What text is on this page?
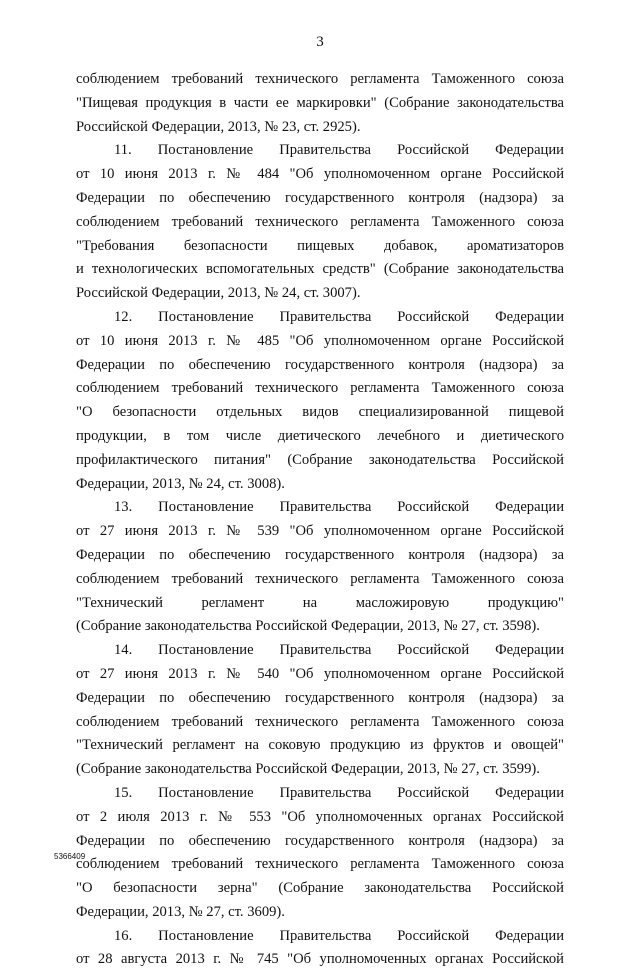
3
соблюдением требований технического регламента Таможенного союза
"Пищевая продукция в части ее маркировки" (Собрание законодательства
Российской Федерации, 2013, № 23, ст. 2925).
11. Постановление Правительства Российской Федерации
от 10 июня 2013 г. № 484 "Об уполномоченном органе Российской
Федерации по обеспечению государственного контроля (надзора) за
соблюдением требований технического регламента Таможенного союза
"Требования безопасности пищевых добавок, ароматизаторов
и технологических вспомогательных средств" (Собрание законодательства
Российской Федерации, 2013, № 24, ст. 3007).
12. Постановление Правительства Российской Федерации
от 10 июня 2013 г. № 485 "Об уполномоченном органе Российской
Федерации по обеспечению государственного контроля (надзора) за
соблюдением требований технического регламента Таможенного союза
"О безопасности отдельных видов специализированной пищевой
продукции, в том числе диетического лечебного и диетического
профилактического питания" (Собрание законодательства Российской
Федерации, 2013, № 24, ст. 3008).
13. Постановление Правительства Российской Федерации
от 27 июня 2013 г. № 539 "Об уполномоченном органе Российской
Федерации по обеспечению государственного контроля (надзора) за
соблюдением требований технического регламента Таможенного союза
"Технический регламент на масложировую продукцию"
(Собрание законодательства Российской Федерации, 2013, № 27, ст. 3598).
14. Постановление Правительства Российской Федерации
от 27 июня 2013 г. № 540 "Об уполномоченном органе Российской
Федерации по обеспечению государственного контроля (надзора) за
соблюдением требований технического регламента Таможенного союза
"Технический регламент на соковую продукцию из фруктов и овощей"
(Собрание законодательства Российской Федерации, 2013, № 27, ст. 3599).
15. Постановление Правительства Российской Федерации
от 2 июля 2013 г. № 553 "Об уполномоченных органах Российской
Федерации по обеспечению государственного контроля (надзора) за
соблюдением требований технического регламента Таможенного союза
"О безопасности зерна" (Собрание законодательства Российской
Федерации, 2013, № 27, ст. 3609).
16. Постановление Правительства Российской Федерации
от 28 августа 2013 г. № 745 "Об уполномоченных органах Российской
5366409
